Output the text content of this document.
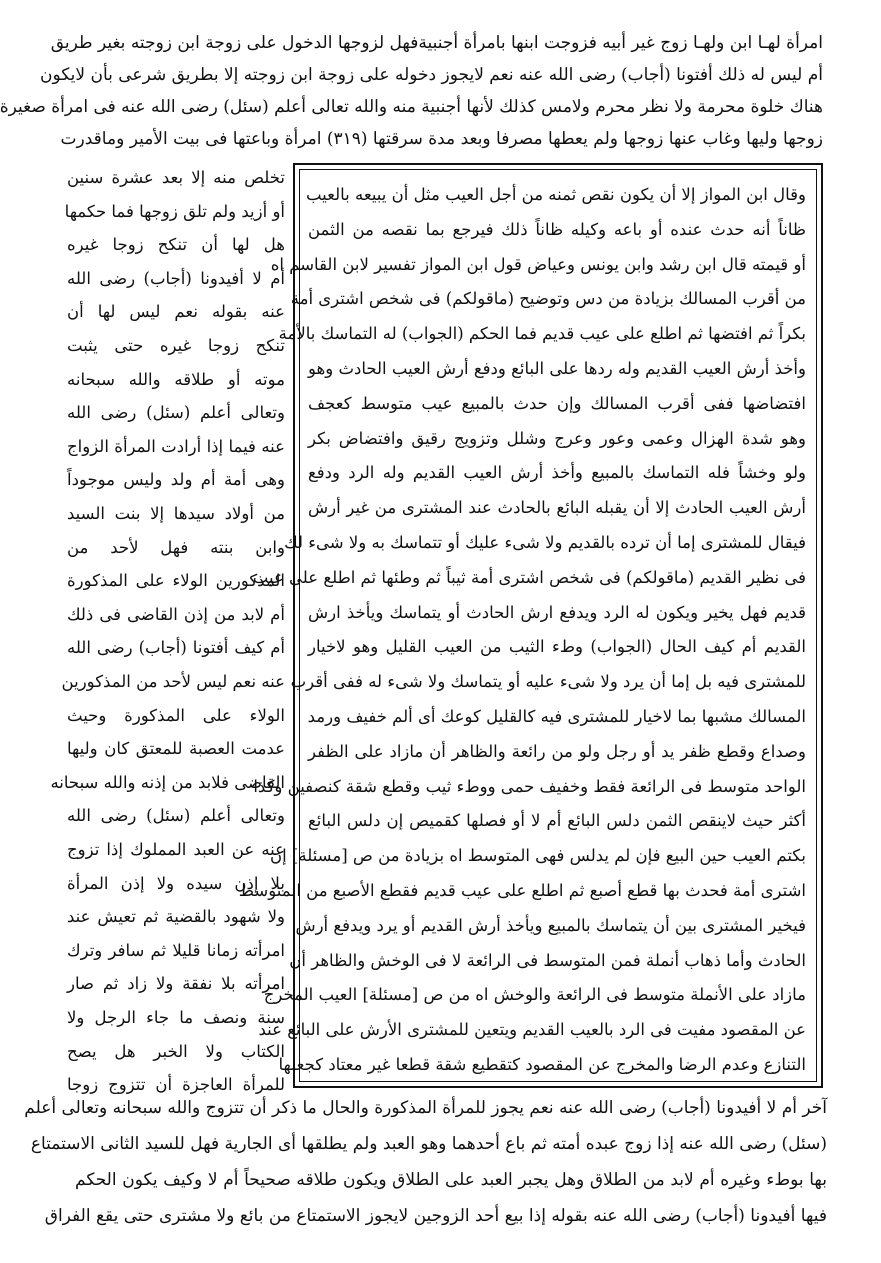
امرأة لهـا ابن ولهـا زوج غير أبيه فزوجت ابنها بامرأة أجنبيةفهل لزوجها الدخول على زوجة ابن زوجته بغير طريق
أم ليس له ذلك أفتونا (أجاب) رضى الله عنه نعم لايجوز دخوله على زوجة ابن زوجته إلا بطريق شرعى بأن لايكون
هناك خلوة محرمة ولا نظر محرم ولامس كذلك لأنها أجنبية منه والله تعالى أعلم (سئل) رضى الله عنه فى امرأة صغيرة
زوجها وليها وغاب عنها زوجها ولم يعطها مصرفا وبعد مدة سرقتها (٣١٩) امرأة وباعتها فى بيت الأمير وماقدرت
تخلص منه إلا بعد عشرة سنين
أو أزيد ولم تلق زوجها فما حكمها
هل لها أن تنكح زوجا غيره
أم لا أفيدونا (أجاب) رضى الله
عنه بقوله نعم ليس لها أن
تنكح زوجا غيره حتى يثبت
موته أو طلاقه والله سبحانه
وتعالى أعلم (سئل) رضى الله
عنه فيما إذا أرادت المرأة الزواج
وهى أمة أم ولد وليس موجوداً
من أولاد سيدها إلا بنت السيد
وابن بنته فهل لأحد من
المذكورين الولاء على المذكورة
أم لابد من إذن القاضى فى ذلك
أم كيف أفتونا (أجاب) رضى الله
عنه نعم ليس لأحد من المذكورين
الولاء على المذكورة وحيث
عدمت العصبة للمعتق كان وليها
القاضى فلابد من إذنه والله سبحانه
وتعالى أعلم (سئل) رضى الله
عنه عن العبد المملوك إذا تزوج
بلا إذن سيده ولا إذن المرأة
ولا شهود بالقضية ثم تعيش عند
امرأته زمانا قليلا ثم سافر وترك
امرأته بلا نفقة ولا زاد ثم صار
سنة ونصف ما جاء الرجل ولا
الكتاب ولا الخبر هل يصح
للمرأة العاجزة أن تتزوج زوجا
وقال ابن المواز إلا أن يكون نقص ثمنه من أجل العيب مثل أن يبيعه بالعيب
ظاناً أنه حدث عنده أو باعه وكيله ظاناً ذلك فيرجع بما نقصه من الثمن
أو قيمته قال ابن رشد وابن يونس وعياض قول ابن المواز تفسير لابن القاسم اه
من أقرب المسالك بزيادة من دس وتوضيح (ماقولكم) فى شخص اشترى أمة
بكراً ثم افتضها ثم اطلع على عيب قديم فما الحكم (الجواب) له التماسك بالأمة
وأخذ أرش العيب القديم وله ردها على البائع ودفع أرش العيب الحادث وهو
افتضاضها ففى أقرب المسالك وإن حدث بالمبيع عيب متوسط كعجف
وهو شدة الهزال وعمى وعور وعرج وشلل وتزويج رقيق وافتضاض بكر
ولو وخشاً فله التماسك بالمبيع وأخذ أرش العيب القديم وله الرد ودفع
أرش العيب الحادث إلا أن يقبله البائع بالحادث عند المشترى من غير أرش
فيقال للمشترى إما أن ترده بالقديم ولا شىء عليك أو تتماسك به ولا شىء لك
فى نظير القديم (ماقولكم) فى شخص اشترى أمة ثيباً ثم وطئها ثم اطلع على عيب
قديم فهل يخير ويكون له الرد ويدفع ارش الحادث أو يتماسك ويأخذ ارش
القديم أم كيف الحال (الجواب) وطء الثيب من العيب القليل وهو لاخيار
للمشترى فيه بل إما أن يرد ولا شىء عليه أو يتماسك ولا شىء له ففى أقرب
المسالك مشبها بما لاخيار للمشترى فيه كالقليل كوعك أى ألم خفيف ورمد
وصداع وقطع ظفر يد أو رجل ولو من رائعة والظاهر أن مازاد على الظفر
الواحد متوسط فى الرائعة فقط وخفيف حمى ووطء ثيب وقطع شقة كنصفين وكذا
أكثر حيث لاينقص الثمن دلس البائع أم لا أو فصلها كقميص إن دلس البائع
بكتم العيب حين البيع فإن لم يدلس فهى المتوسط اه بزيادة من ص [مسئلة] إن
اشترى أمة فحدث بها قطع أصبع ثم اطلع على عيب قديم فقطع الأصبع من المتوسط
فيخير المشترى بين أن يتماسك بالمبيع ويأخذ أرش القديم أو يرد ويدفع أرش
الحادث وأما ذهاب أنملة فمن المتوسط فى الرائعة لا فى الوخش والظاهر أن
مازاد على الأنملة متوسط فى الرائعة والوخش اه من ص [مسئلة] العيب المخرج
عن المقصود مفيت فى الرد بالعيب القديم ويتعين للمشترى الأرش على البائع عند
التنازع وعدم الرضا والمخرج عن المقصود كتقطيع شقة قطعا غير معتاد كجعلها
آخر أم لا أفيدونا (أجاب) رضى الله عنه نعم يجوز للمرأة المذكورة والحال ما ذكر أن تتزوج والله سبحانه وتعالى أعلم
(سئل) رضى الله عنه إذا زوج عبده أمته ثم باع أحدهما وهو العبد ولم يطلقها أى الجارية فهل للسيد الثانى الاستمتاع
بها بوطء وغيره أم لابد من الطلاق وهل يجبر العبد على الطلاق ويكون طلاقه صحيحاً أم لا وكيف يكون الحكم
فيها أفيدونا (أجاب) رضى الله عنه بقوله إذا بيع أحد الزوجين لايجوز الاستمتاع من بائع ولا مشترى حتى يقع الفراق
